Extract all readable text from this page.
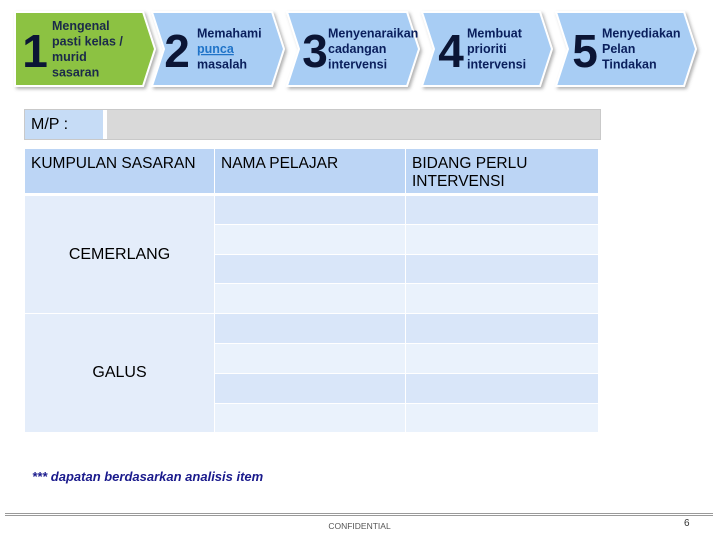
1 Mengenal
pasti kelas /
murid
sasaran 2 Memahami
punca
masalah 3 Menyenaraikan
cadangan
intervensi 4 Membuat
prioriti
intervensi 5 Menyediakan
Pelan
Tindakan
M/P :
KUMPULAN SASARAN	NAMA PELAJAR	BIDANG PERLU INTERVENSI
CEMERLANG		

GALUS		

*** dapatan berdasarkan analisis item
CONFIDENTIAL	6
